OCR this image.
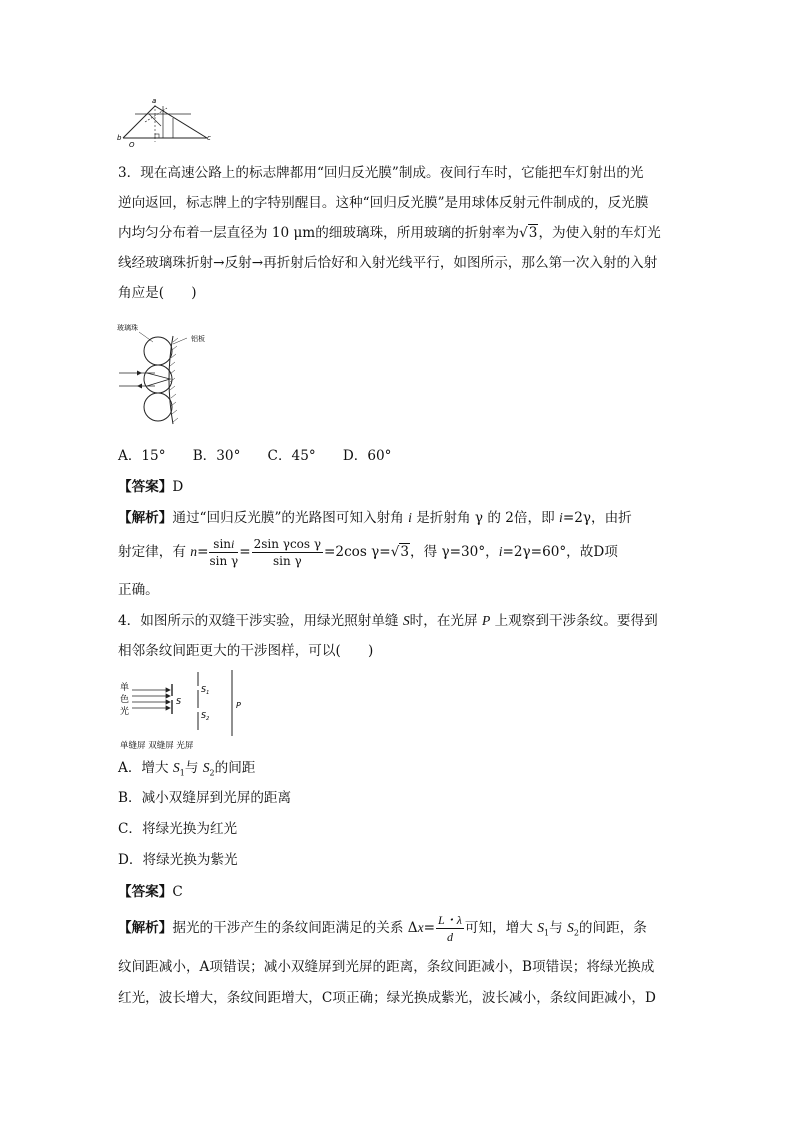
a
b
O
c
3．现在高速公路上的标志牌都用“回归反光膜”制成。夜间行车时，它能把车灯射出的光
逆向返回，标志牌上的字特别醒目。这种“回归反光膜”是用球体反射元件制成的，反光膜
内均匀分布着一层直径为 10 μm的细玻璃珠，所用玻璃的折射率为√3，为使入射的车灯光
线经玻璃珠折射→反射→再折射后恰好和入射光线平行，如图所示，那么第一次入射的入射
角应是(　　)
玻璃珠
铝板
A．15°　　B．30°　　C．45°　　D．60°
【答案】D
【解析】通过“回归反光膜”的光路图可知入射角 i 是折射角 γ 的 2倍，即 i=2γ，由折
射定律，有 $n= \frac{\sin i}{\text{sin γ}} = \frac{\text{2sin γcos γ}}{\text{sin γ}} =2\cos$ γ=√3，得 γ=30°，i=2γ=60°，故D项
正确。
4．如图所示的双缝干涉实验，用绿光照射单缝 S时，在光屏 P 上观察到干涉条纹。要得到
相邻条纹间距更大的干涉图样，可以(　　)
单
色
光
S
$S_1$
$S_2$
P
单缝屏 双缝屏 光屏
A．增大 $S_1$与 $S_2$的间距
B．减小双缝屏到光屏的距离
C．将绿光换为红光
D．将绿光换为紫光
【答案】C
【解析】据光的干涉产生的条纹间距满足的关系 $\Delta x= \frac{L・\lambda}{d}$ 可知，增大 $S_1$与 $S_2$的间距，条
纹间距减小，A项错误；减小双缝屏到光屏的距离，条纹间距减小，B项错误；将绿光换成
红光，波长增大，条纹间距增大，C项正确；绿光换成紫光，波长减小，条纹间距减小，D
